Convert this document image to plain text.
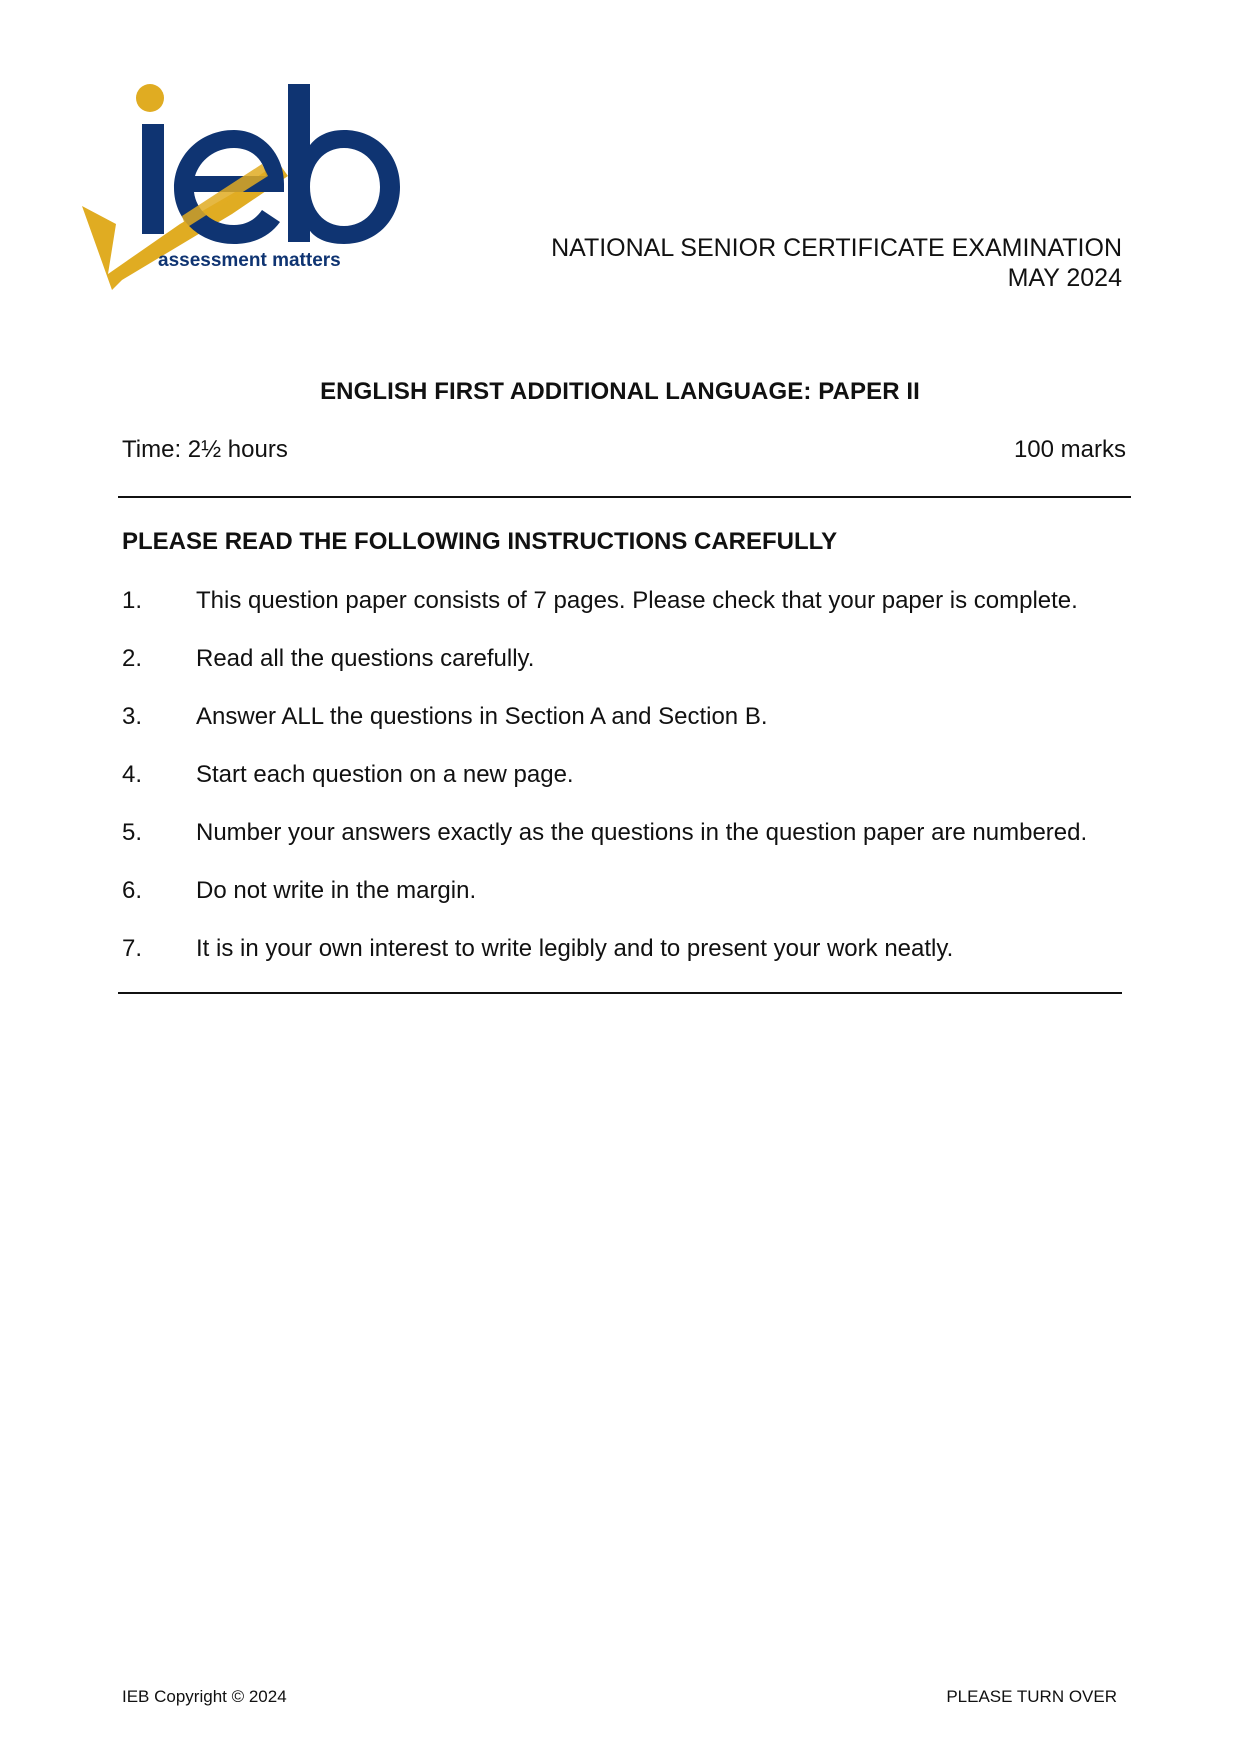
assessment matters	NATIONAL SENIOR CERTIFICATE EXAMINATION
MAY 2024
ENGLISH FIRST ADDITIONAL LANGUAGE: PAPER II
Time: 2½ hours	100 marks
PLEASE READ THE FOLLOWING INSTRUCTIONS CAREFULLY
1.	This question paper consists of 7 pages. Please check that your paper is complete.
2.	Read all the questions carefully.
3.	Answer ALL the questions in Section A and Section B.
4.	Start each question on a new page.
5.	Number your answers exactly as the questions in the question paper are numbered.
6.	Do not write in the margin.
7.	It is in your own interest to write legibly and to present your work neatly.
IEB Copyright © 2024	PLEASE TURN OVER
